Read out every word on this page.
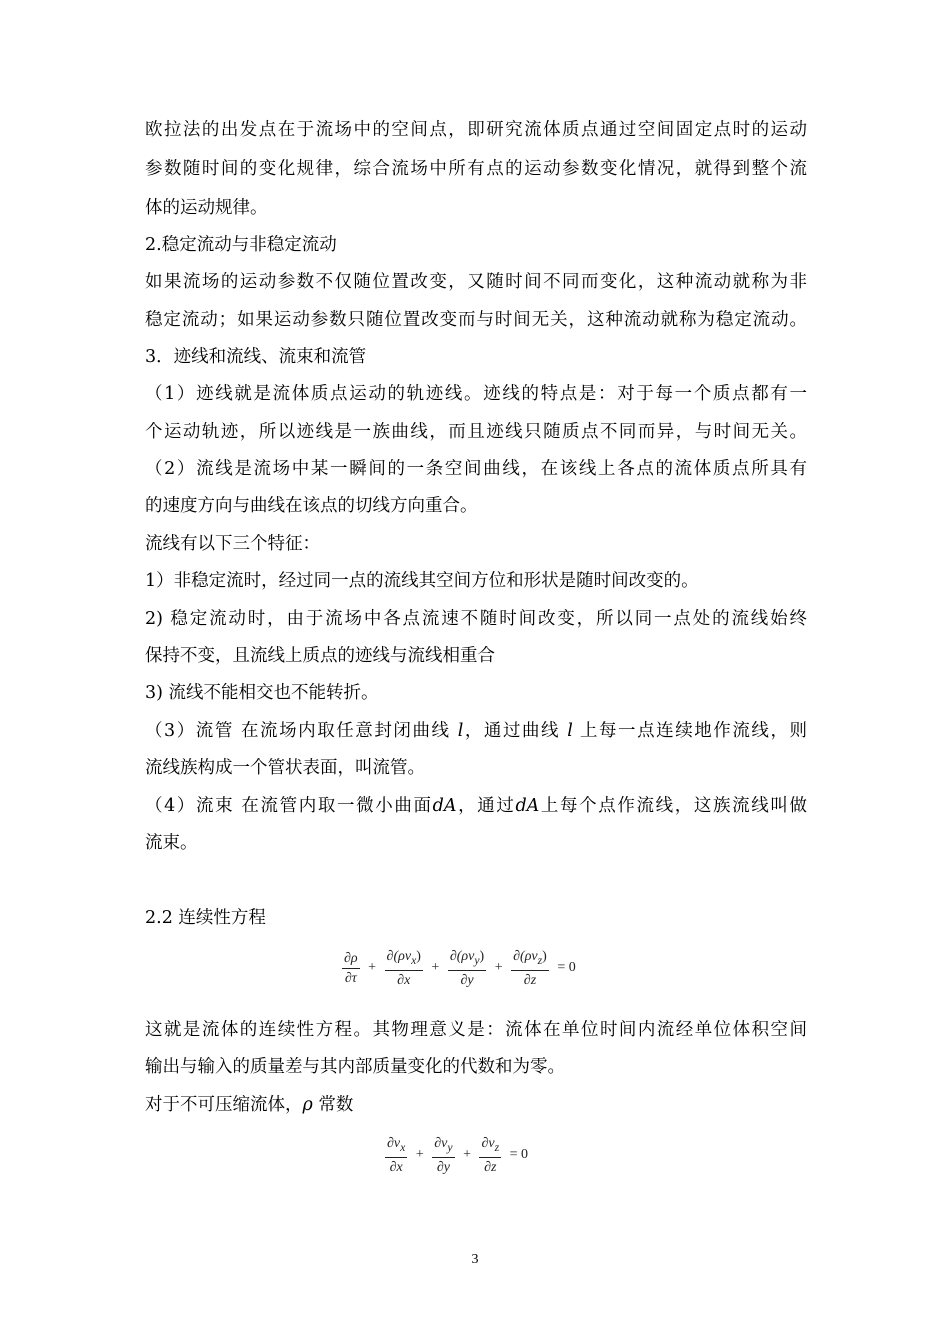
欧拉法的出发点在于流场中的空间点，即研究流体质点通过空间固定点时的运动
参数随时间的变化规律，综合流场中所有点的运动参数变化情况，就得到整个流
体的运动规律。
2.稳定流动与非稳定流动
如果流场的运动参数不仅随位置改变，又随时间不同而变化，这种流动就称为非
稳定流动；如果运动参数只随位置改变而与时间无关，这种流动就称为稳定流动。
3．迹线和流线、流束和流管
（1）迹线就是流体质点运动的轨迹线。迹线的特点是：对于每一个质点都有一
个运动轨迹，所以迹线是一族曲线，而且迹线只随质点不同而异，与时间无关。
（2）流线是流场中某一瞬间的一条空间曲线，在该线上各点的流体质点所具有
的速度方向与曲线在该点的切线方向重合。
流线有以下三个特征：
1）非稳定流时，经过同一点的流线其空间方位和形状是随时间改变的。
2) 稳定流动时，由于流场中各点流速不随时间改变，所以同一点处的流线始终
保持不变，且流线上质点的迹线与流线相重合
3) 流线不能相交也不能转折。
（3）流管 在流场内取任意封闭曲线 l，通过曲线 l 上每一点连续地作流线，则
流线族构成一个管状表面，叫流管。
（4）流束 在流管内取一微小曲面dA，通过dA上每个点作流线，这族流线叫做
流束。
2.2 连续性方程
$\frac{\partial\rho}{\partial\tau} + \frac{\partial(\rho v_x)}{\partial x} + \frac{\partial(\rho v_y)}{\partial y} + \frac{\partial(\rho v_z)}{\partial z} = 0$
这就是流体的连续性方程。其物理意义是：流体在单位时间内流经单位体积空间
输出与输入的质量差与其内部质量变化的代数和为零。
对于不可压缩流体，ρ 常数
$\frac{\partial v_x}{\partial x} + \frac{\partial v_y}{\partial y} + \frac{\partial v_z}{\partial z} = 0$
3
